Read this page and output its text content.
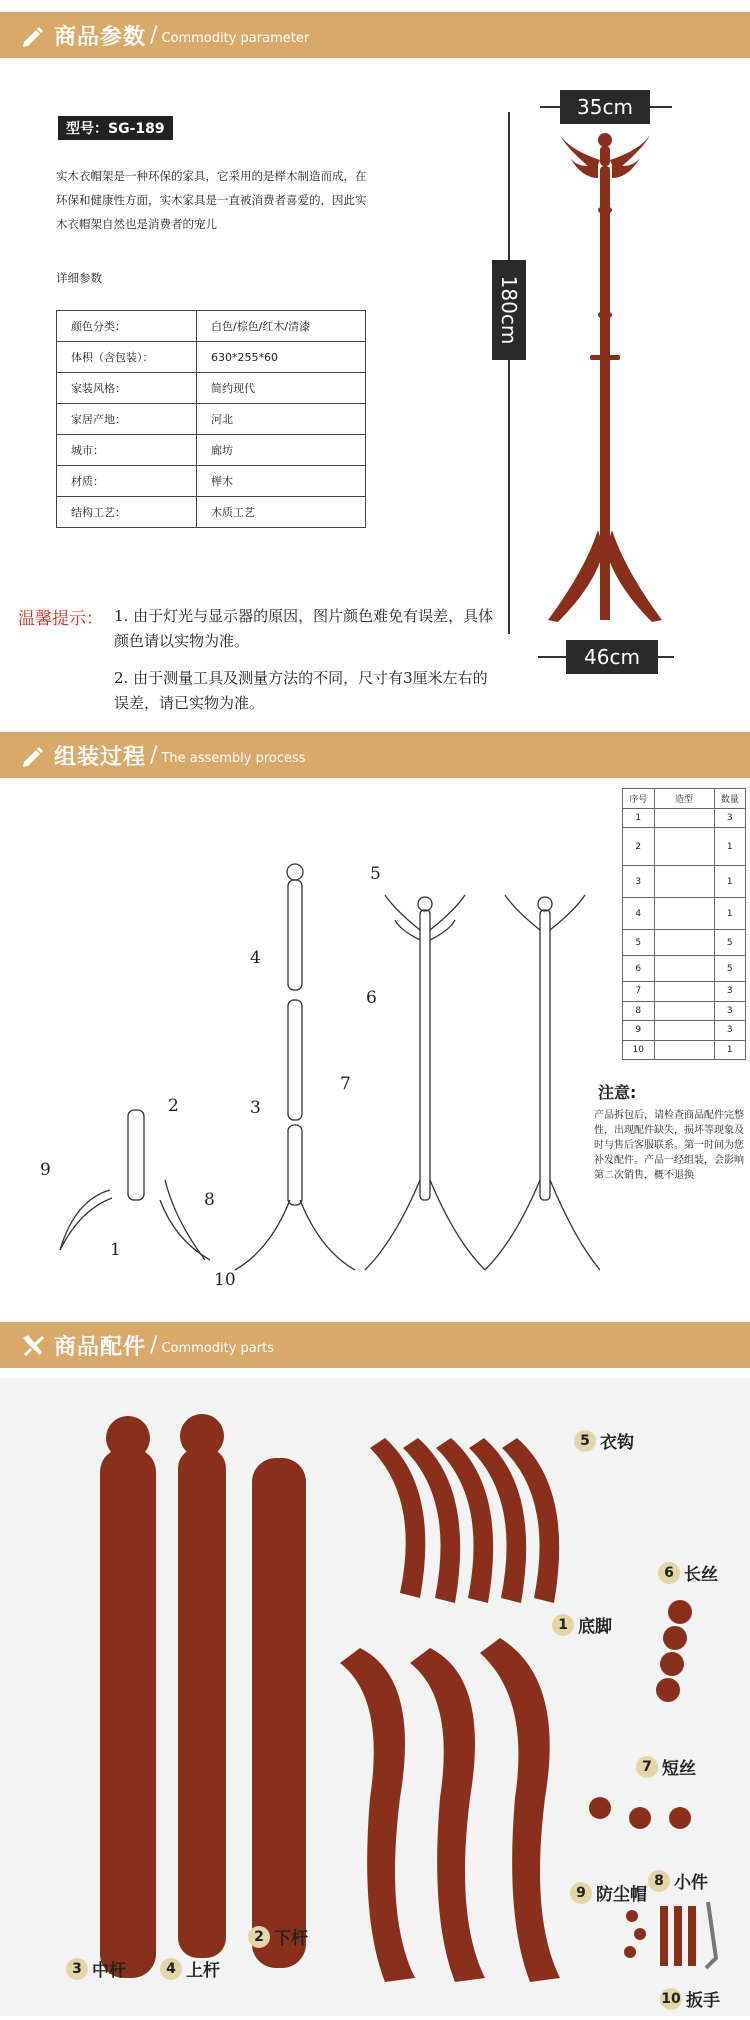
商品参数 / Commodity parameter
型号：SG-189
实木衣帽架是一种环保的家具，它采用的是榉木制造而成，在环保和健康性方面，实木家具是一直被消费者喜爱的，因此实木衣帽架自然也是消费者的宠儿
详细参数
颜色分类：	白色/棕色/红木/清漆
体积（含包装）：	630*255*60
家装风格：	简约现代
家居产地：	河北
城市：	廊坊
材质：	榉木
结构工艺：	木质工艺
温馨提示： 1. 由于灯光与显示器的原因，图片颜色难免有误差，具体颜色请以实物为准。
2. 由于测量工具及测量方法的不同，尺寸有3厘米左右的误差，请已实物为准。
35cm
180cm
46cm
组装过程 / The assembly process
1
2	3
4
5
6
7
8
9
10
序号	造型	数量
1		3
2		1
3		1
4		1
5		5
6		5
7		3
8		3
9		3
10		1
注意:
产品拆包后，请检查商品配件完整性，出现配件缺失，损坏等现象及时与售后客服联系。第一时间为您补发配件。产品一经组装，会影响第二次销售，概不退换
商品配件 / Commodity parts
5 衣钩
6 长丝
1 底脚
7 短丝
8 小件
9 防尘帽
10 扳手
3 中杆	4 上杆
2 下杆
